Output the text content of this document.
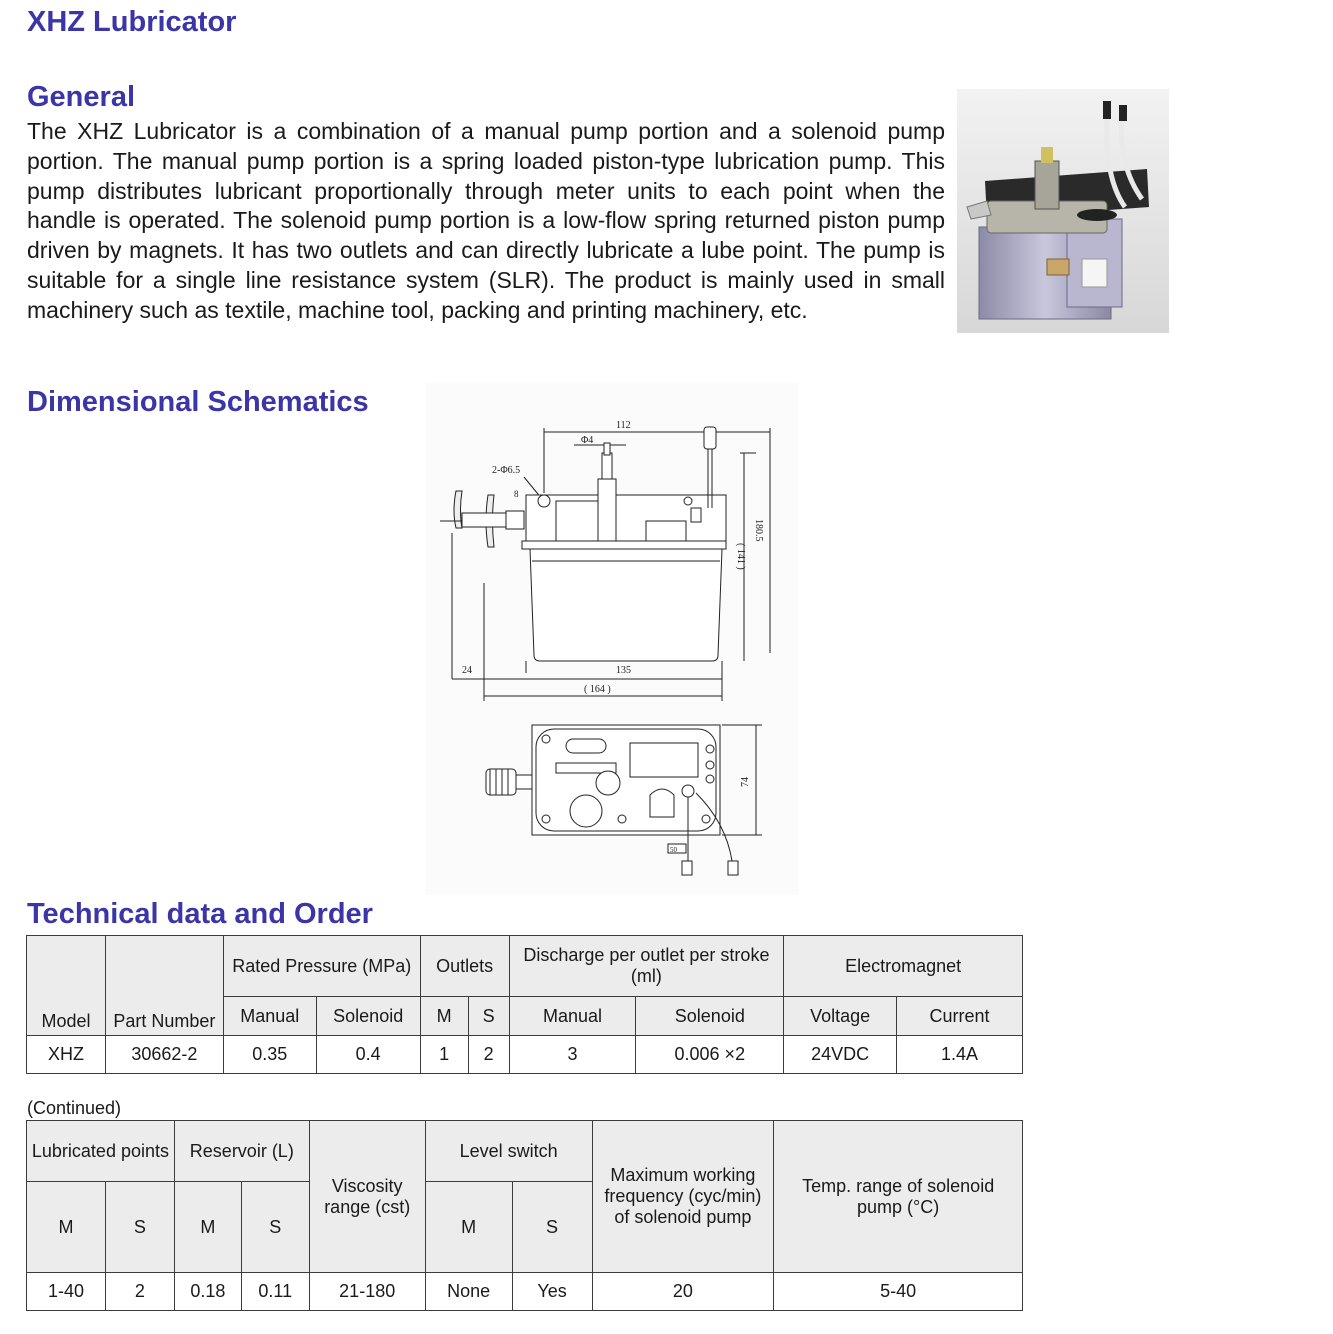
XHZ Lubricator
General

The XHZ Lubricator is a combination of a manual pump portion and a solenoid pump portion. The manual pump portion is a spring loaded piston-type lubrication pump. This pump distributes lubricant proportionally through meter units to each point when the handle is operated. The solenoid pump portion is a low-flow spring returned piston pump driven by magnets. It has two outlets and can directly lubricate a lube point. The pump is suitable for a single line resistance system (SLR). The product is mainly used in small machinery such as textile, machine tool, packing and printing machinery, etc.

Dimensional Schematics
112
Φ4
2-Φ6.5
8
( 141 )
180.5
24	135
( 164 )
50
74
Technical data and Order
Model	Part Number	Rated Pressure (MPa)		Outlets		Discharge per outlet per stroke (ml)		Electromagnet	
		Manual	Solenoid	M	S	Manual	Solenoid	Voltage	Current
XHZ	30662-2	0.35	0.4	1	2	3	0.006 ×2	24VDC	1.4A

(Continued)

Lubricated points		Reservoir (L)		Viscosity range (cst)	Level switch		Maximum working frequency (cyc/min) of solenoid pump	Temp. range of solenoid pump (°C)
M	S	M	S		M	S		
1-40	2	0.18	0.11	21-180	None	Yes	20	5-40
